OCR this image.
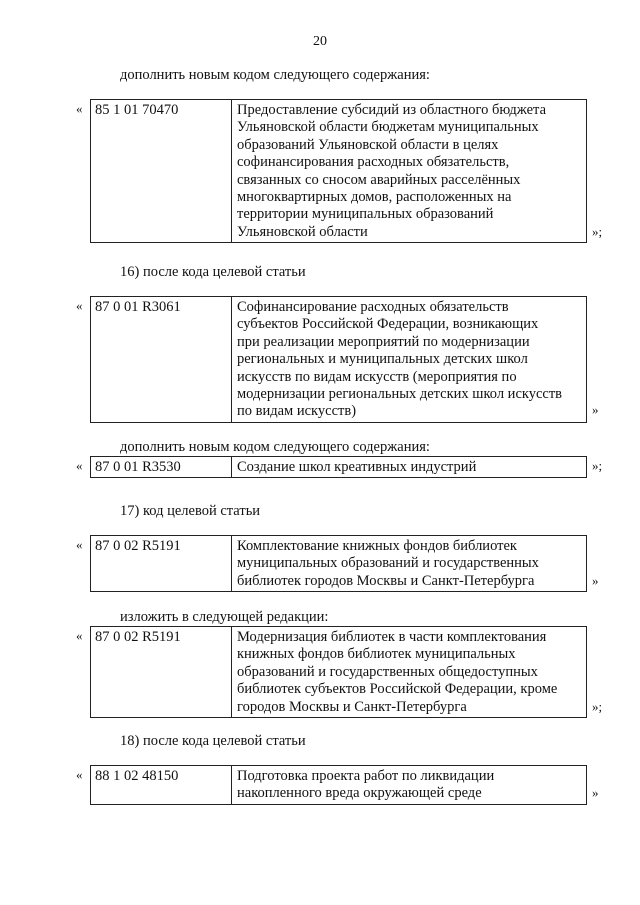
20
дополнить новым кодом следующего содержания:
« 85 1 01 70470	Предоставление субсидий из областного бюджета
Ульяновской области бюджетам муниципальных
образований Ульяновской области в целях
софинансирования расходных обязательств,
связанных со сносом аварийных расселённых
многоквартирных домов, расположенных на
территории муниципальных образований
Ульяновской области	»;
16) после кода целевой статьи
« 87 0 01 R3061	Софинансирование расходных обязательств
субъектов Российской Федерации, возникающих
при реализации мероприятий по модернизации
региональных и муниципальных детских школ
искусств по видам искусств (мероприятия по
модернизации региональных детских школ искусств
по видам искусств)	»
дополнить новым кодом следующего содержания:
« 87 0 01 R3530	Создание школ креативных индустрий	»;
17) код целевой статьи
« 87 0 02 R5191	Комплектование книжных фондов библиотек
муниципальных образований и государственных
библиотек городов Москвы и Санкт-Петербурга	»
изложить в следующей редакции:
« 87 0 02 R5191	Модернизация библиотек в части комплектования
книжных фондов библиотек муниципальных
образований и государственных общедоступных
библиотек субъектов Российской Федерации, кроме
городов Москвы и Санкт-Петербурга	»;
18) после кода целевой статьи
« 88 1 02 48150	Подготовка проекта работ по ликвидации
накопленного вреда окружающей среде	»
